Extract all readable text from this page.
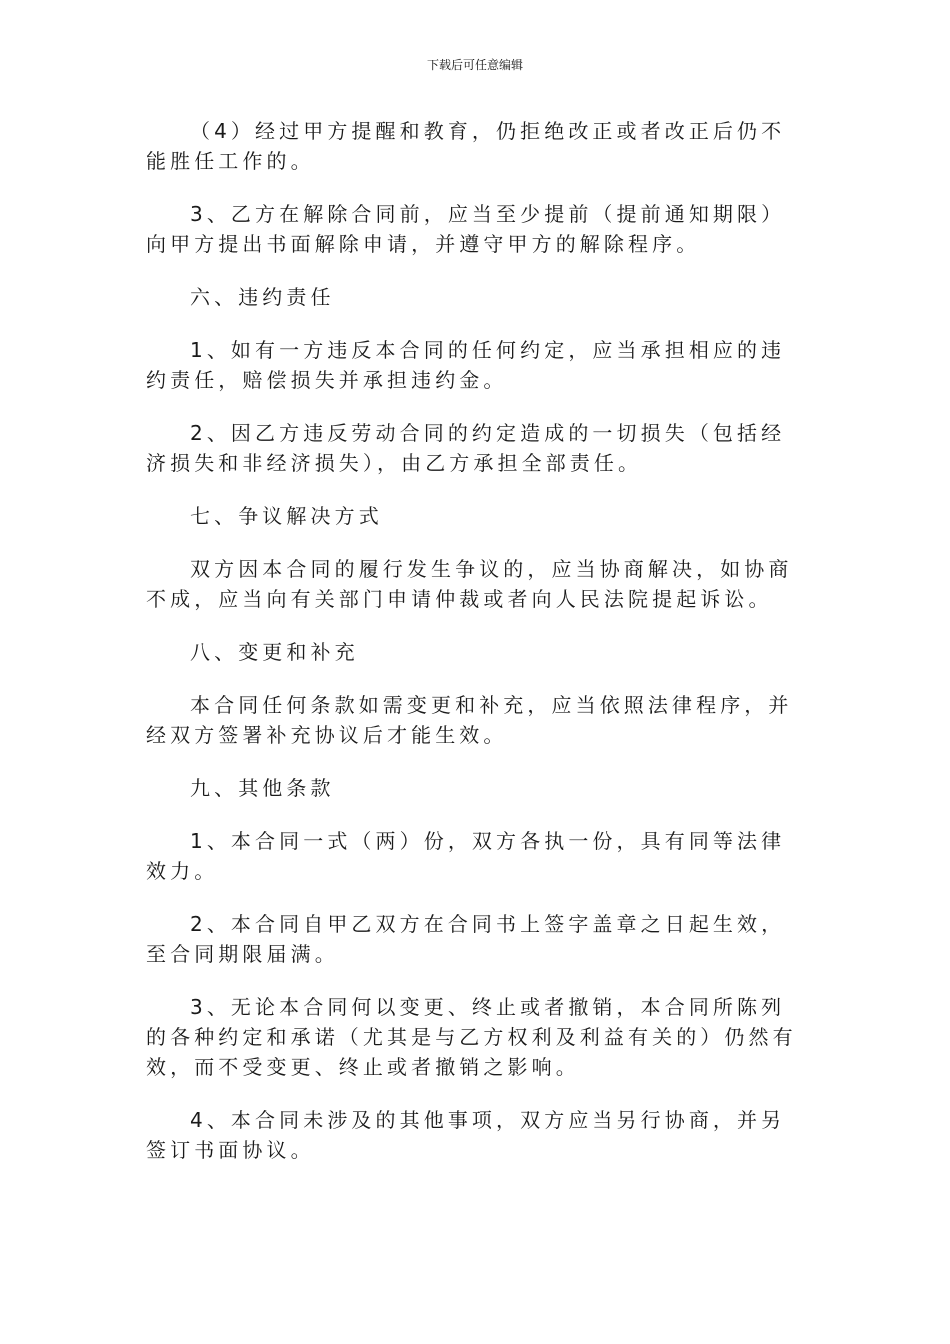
下载后可任意编辑

（4）经过甲方提醒和教育，仍拒绝改正或者改正后仍不能胜任工作的。

3、乙方在解除合同前，应当至少提前（提前通知期限）向甲方提出书面解除申请，并遵守甲方的解除程序。

六、违约责任

1、如有一方违反本合同的任何约定，应当承担相应的违约责任，赔偿损失并承担违约金。

2、因乙方违反劳动合同的约定造成的一切损失（包括经济损失和非经济损失），由乙方承担全部责任。

七、争议解决方式

双方因本合同的履行发生争议的，应当协商解决，如协商不成，应当向有关部门申请仲裁或者向人民法院提起诉讼。

八、变更和补充

本合同任何条款如需变更和补充，应当依照法律程序，并经双方签署补充协议后才能生效。

九、其他条款

1、本合同一式（两）份，双方各执一份，具有同等法律效力。

2、本合同自甲乙双方在合同书上签字盖章之日起生效，至合同期限届满。

3、无论本合同何以变更、终止或者撤销，本合同所陈列的各种约定和承诺（尤其是与乙方权利及利益有关的）仍然有效，而不受变更、终止或者撤销之影响。

4、本合同未涉及的其他事项，双方应当另行协商，并另签订书面协议。
